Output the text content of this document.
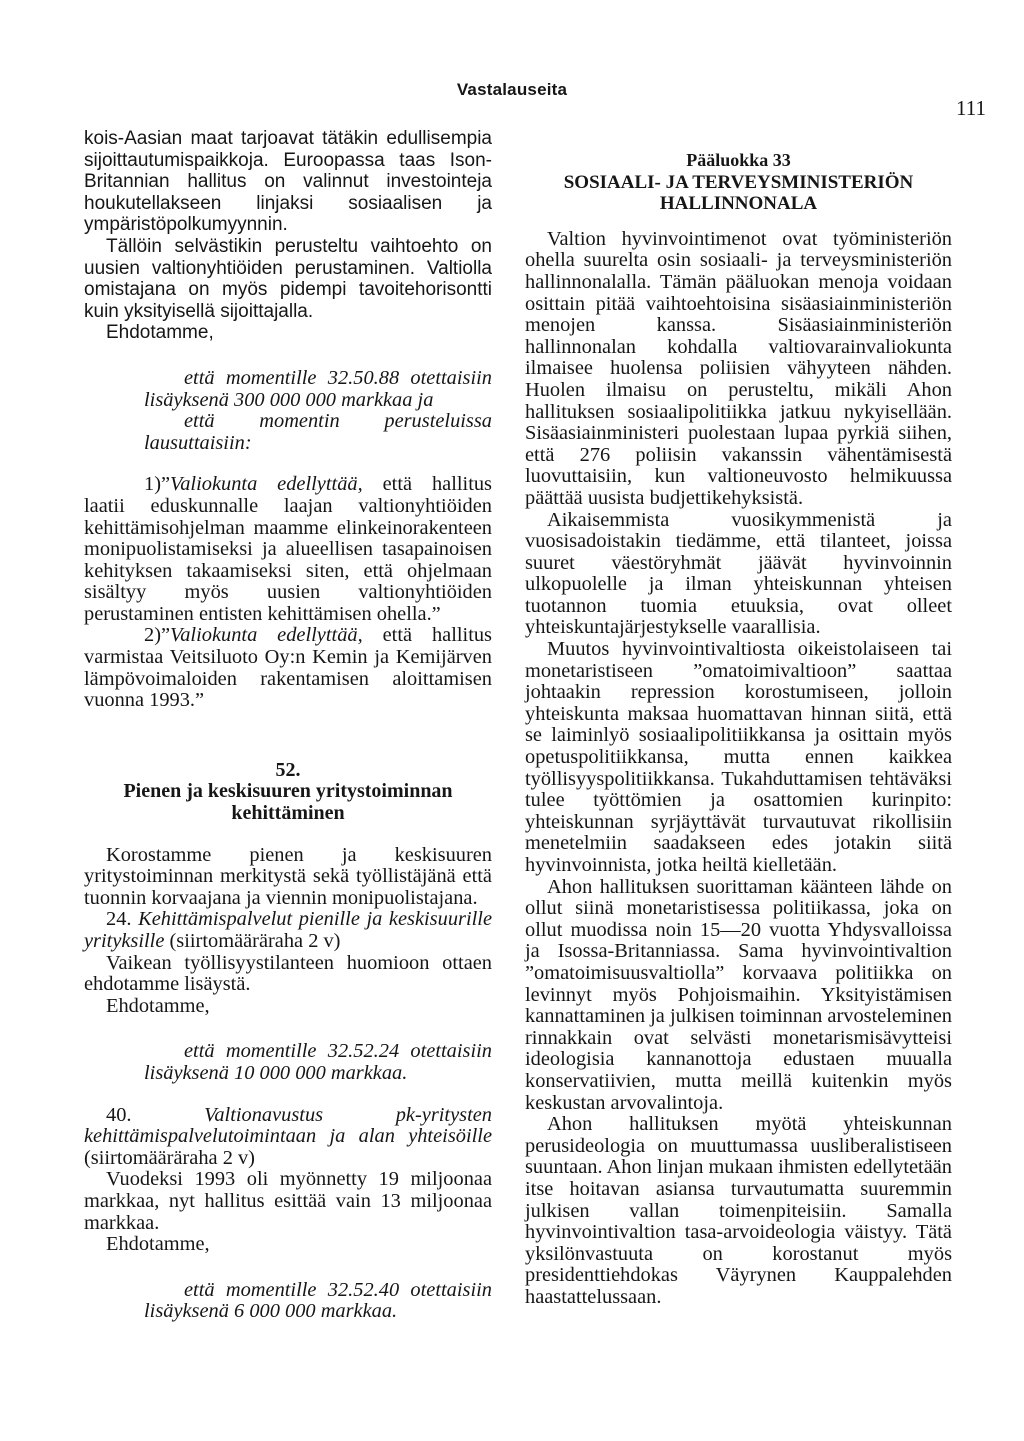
Vastalauseita
111

kois-Aasian maat tarjoavat tätäkin edullisempia sijoittautumispaikkoja. Euroopassa taas Ison-Britannian hallitus on valinnut investointeja houkutellakseen linjaksi sosiaalisen ja ympäristöpolkumyynnin.

Tällöin selvästikin perusteltu vaihtoehto on uusien valtionyhtiöiden perustaminen. Valtiolla omistajana on myös pidempi tavoitehorisontti kuin yksityisellä sijoittajalla.

Ehdotamme,

että momentille 32.50.88 otettaisiin lisäyksenä 300 000 000 markkaa ja
että momentin perusteluissa lausuttaisiin:

1)”Valiokunta edellyttää, että hallitus laatii eduskunnalle laajan valtionyhtiöiden kehittämisohjelman maamme elinkeinorakenteen monipuolistamiseksi ja alueellisen tasapainoisen kehityksen takaamiseksi siten, että ohjelmaan sisältyy myös uusien valtionyhtiöiden perustaminen entisten kehittämisen ohella.”

2)”Valiokunta edellyttää, että hallitus varmistaa Veitsiluoto Oy:n Kemin ja Kemijärven lämpövoimaloiden rakentamisen aloittamisen vuonna 1993.”

52.
Pienen ja keskisuuren yritystoiminnan
kehittäminen

Korostamme pienen ja keskisuuren yritystoiminnan merkitystä sekä työllistäjänä että tuonnin korvaajana ja viennin monipuolistajana.

24. Kehittämispalvelut pienille ja keskisuurille yrityksille (siirtomääräraha 2 v)

Vaikean työllisyystilanteen huomioon ottaen ehdotamme lisäystä.

Ehdotamme,

että momentille 32.52.24 otettaisiin lisäyksenä 10 000 000 markkaa.

40. Valtionavustus pk-yritysten kehittämispalvelutoimintaan ja alan yhteisöille (siirtomääräraha 2 v)

Vuodeksi 1993 oli myönnetty 19 miljoonaa markkaa, nyt hallitus esittää vain 13 miljoonaa markkaa.

Ehdotamme,

että momentille 32.52.40 otettaisiin lisäyksenä 6 000 000 markkaa.
Pääluokka 33
SOSIAALI- JA TERVEYSMINISTERIÖN
HALLINNONALA

Valtion hyvinvointimenot ovat työministeriön ohella suurelta osin sosiaali- ja terveysministeriön hallinnonalalla. Tämän pääluokan menoja voidaan osittain pitää vaihtoehtoisina sisäasiainministeriön menojen kanssa. Sisäasiainministeriön hallinnonalan kohdalla valtiovarainvaliokunta ilmaisee huolensa poliisien vähyyteen nähden. Huolen ilmaisu on perusteltu, mikäli Ahon hallituksen sosiaalipolitiikka jatkuu nykyisellään. Sisäasiainministeri puolestaan lupaa pyrkiä siihen, että 276 poliisin vakanssin vähentämisestä luovuttaisiin, kun valtioneuvosto helmikuussa päättää uusista budjettikehyksistä.

Aikaisemmista vuosikymmenistä ja vuosisadoistakin tiedämme, että tilanteet, joissa suuret väestöryhmät jäävät hyvinvoinnin ulkopuolelle ja ilman yhteiskunnan yhteisen tuotannon tuomia etuuksia, ovat olleet yhteiskuntajärjestykselle vaarallisia.

Muutos hyvinvointivaltiosta oikeistolaiseen tai monetaristiseen ”omatoimivaltioon” saattaa johtaakin repression korostumiseen, jolloin yhteiskunta maksaa huomattavan hinnan siitä, että se laiminlyö sosiaalipolitiikkansa ja osittain myös opetuspolitiikkansa, mutta ennen kaikkea työllisyyspolitiikkansa. Tukahduttamisen tehtäväksi tulee työttömien ja osattomien kurinpito: yhteiskunnan syrjäyttävät turvautuvat rikollisiin menetelmiin saadakseen edes jotakin siitä hyvinvoinnista, jotka heiltä kielletään.

Ahon hallituksen suorittaman käänteen lähde on ollut siinä monetaristisessa politiikassa, joka on ollut muodissa noin 15—20 vuotta Yhdysvalloissa ja Isossa-Britanniassa. Sama hyvinvointivaltion ”omatoimisuusvaltiolla” korvaava politiikka on levinnyt myös Pohjoismaihin. Yksityistämisen kannattaminen ja julkisen toiminnan arvosteleminen rinnakkain ovat selvästi monetarismisävytteisi ideologisia kannanottoja edustaen muualla konservatiivien, mutta meillä kuitenkin myös keskustan arvovalintoja.

Ahon hallituksen myötä yhteiskunnan perusideologia on muuttumassa uusliberalistiseen suuntaan. Ahon linjan mukaan ihmisten edellytetään itse hoitavan asiansa turvautumatta suuremmin julkisen vallan toimenpiteisiin. Samalla hyvinvointivaltion tasa-arvoideologia väistyy. Tätä yksilönvastuuta on korostanut myös presidenttiehdokas Väyrynen Kauppalehden haastattelussaan.
